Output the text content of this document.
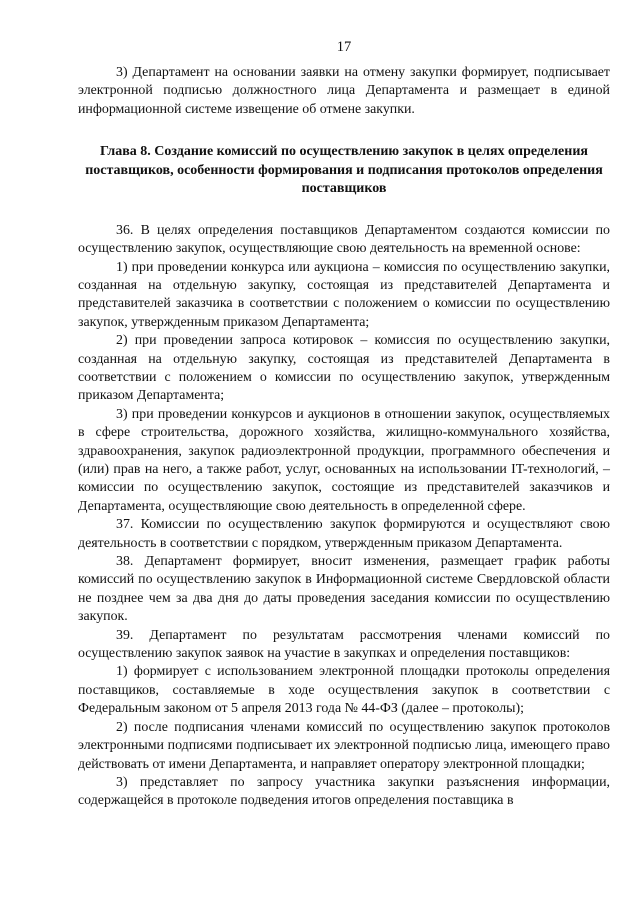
17

3) Департамент на основании заявки на отмену закупки формирует, подписывает электронной подписью должностного лица Департамента и размещает в единой информационной системе извещение об отмене закупки.

Глава 8. Создание комиссий по осуществлению закупок в целях определения поставщиков, особенности формирования и подписания протоколов определения поставщиков

36. В целях определения поставщиков Департаментом создаются комиссии по осуществлению закупок, осуществляющие свою деятельность на временной основе:

1) при проведении конкурса или аукциона – комиссия по осуществлению закупки, созданная на отдельную закупку, состоящая из представителей Департамента и представителей заказчика в соответствии с положением о комиссии по осуществлению закупок, утвержденным приказом Департамента;

2) при проведении запроса котировок – комиссия по осуществлению закупки, созданная на отдельную закупку, состоящая из представителей Департамента в соответствии с положением о комиссии по осуществлению закупок, утвержденным приказом Департамента;

3) при проведении конкурсов и аукционов в отношении закупок, осуществляемых в сфере строительства, дорожного хозяйства, жилищно-коммунального хозяйства, здравоохранения, закупок радиоэлектронной продукции, программного обеспечения и (или) прав на него, а также работ, услуг, основанных на использовании IT-технологий, – комиссии по осуществлению закупок, состоящие из представителей заказчиков и Департамента, осуществляющие свою деятельность в определенной сфере.

37. Комиссии по осуществлению закупок формируются и осуществляют свою деятельность в соответствии с порядком, утвержденным приказом Департамента.

38. Департамент формирует, вносит изменения, размещает график работы комиссий по осуществлению закупок в Информационной системе Свердловской области не позднее чем за два дня до даты проведения заседания комиссии по осуществлению закупок.

39. Департамент по результатам рассмотрения членами комиссий по осуществлению закупок заявок на участие в закупках и определения поставщиков:

1) формирует с использованием электронной площадки протоколы определения поставщиков, составляемые в ходе осуществления закупок в соответствии с Федеральным законом от 5 апреля 2013 года № 44-ФЗ (далее – протоколы);

2) после подписания членами комиссий по осуществлению закупок протоколов электронными подписями подписывает их электронной подписью лица, имеющего право действовать от имени Департамента, и направляет оператору электронной площадки;

3) представляет по запросу участника закупки разъяснения информации, содержащейся в протоколе подведения итогов определения поставщика в
